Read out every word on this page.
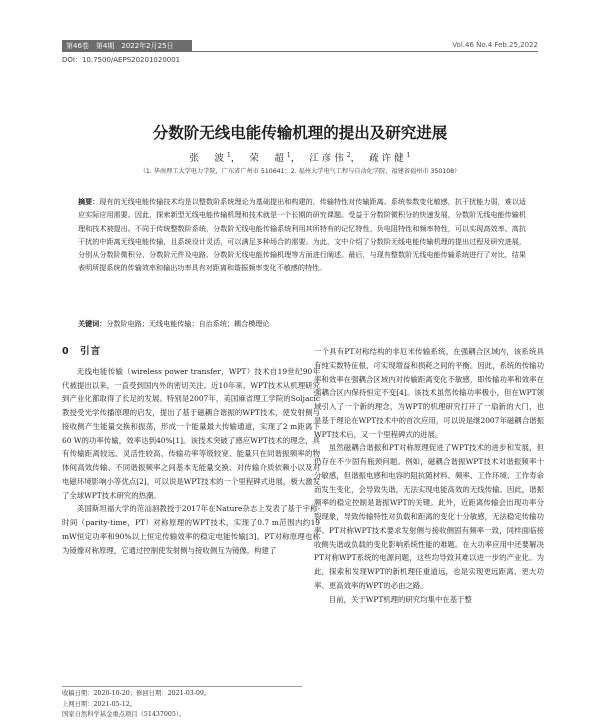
第46卷　第4期　2022年2月25日	Vol.46 No.4 Feb.25,2022
DOI：10.7500/AEPS20201020001
分数阶无线电能传输机理的提出及研究进展
张　波$^1$， 荣　超$^1$， 江彦伟$^2$， 疏许健$^1$
（1. 华南理工大学电力学院，广东省广州市 510641；2. 福州大学电气工程与自动化学院，福建省福州市 350108）
摘要：现有的无线电能传输技术均是以整数阶系统理论为基础提出和构建的，传输特性对传输距离、系统参数变化敏感，抗干扰能力弱，难以适应实际应用需要。因此，探索新型无线电能传输机理和技术就是一个长期的研究课题。受益于分数阶微积分的快速发展，分数阶无线电能传输机理和技术被提出。不同于传统整数阶系统，分数阶无线电能传输系统利用其所特有的记忆特性、负电阻特性和频率特性，可以实现高效率、高抗干扰的中距离无线电能传输，且系统设计灵活，可以满足多种场合的需要。为此，文中介绍了分数阶无线电能传输机理的提出过程及研究进展，分别从分数阶微积分、分数阶元件及电路、分数阶无线电能传输机理等方面进行阐述。最后，与现有整数阶无线电能传输系统进行了对比，结果表明所提系统的传输效率和输出功率具有对距离和谐振频率变化不敏感的特性。
关键词：分数阶电路；无线电能传输；自治系统；耦合模理论
0　引言

无线电能传输（wireless power transfer，WPT）技术自19世纪90年代被提出以来，一直受到国内外的密切关注。近10年来，WPT技术从机理研究到产业化都取得了长足的发展。特别是2007年，美国麻省理工学院的Soljacic教授受光学传播原理的启发，提出了基于磁耦合谐振的WPT技术，使发射侧与接收侧产生能量交换和振荡，形成一个能量最大传输通道，实现了2 m距离下60 W的功率传输，效率达到40%[1]。该技术突破了感应WPT技术的理念，具有传输距离较远、灵活性较高、传输功率等级较宽、能量只在同谐振频率的物体间高效传输、不同谐振频率之间基本无能量交换、对传输介质依赖小以及对电磁环境影响小等优点[2]，可以说是WPT技术的一个里程碑式进展，极大激发了全球WPT技术研究的热潮。

美国斯坦福大学的范汕洄教授于2017年在Nature杂志上发表了基于宇称-时间（parity-time，PT）对称原理的WPT技术，实现了0.7 m范围内约19 mW恒定功率和90%以上恒定传输效率的稳定电能传输[3]。PT对称原理也称为镜像对称原理，它通过控制使发射侧与接收侧互为镜像，构建了

一个具有PT对称结构的非厄米传输系统。在强耦合区域内，该系统具有纯实数特征根，可实现增益和损耗之间的平衡。因此，系统的传输功率和效率在强耦合区域内对传输距离变化不敏感，即传输功率和效率在强耦合区内保持恒定不变[4]。该技术虽然传输功率极小，但在WPT领域引入了一个新的理念，为WPT的机理研究打开了一扇新的大门，也是基于理论在WPT技术中的首次应用，可以说是继2007年磁耦合谐振WPT技术后，又一个里程碑式的进展。

虽然磁耦合谐振和PT对称原理促进了WPT技术的进步和发展，但仍存在不少固有瓶颈问题。例如，磁耦合谐振WPT技术对谐振频率十分敏感，但谐振电感和电容的阻抗随材料、频率、工作环境、工作寿命而发生变化，会导致失谐，无法实现电能高效的无线传输。因此，谐振频率的稳定控制是谐振WPT的关键。此外，近距离传输会出现功率分裂现象，导致传输特性对负载和距离的变化十分敏感，无法稳定传输功率。PT对称WPT技术要求发射侧与接收侧固有频率一致，同样面临接收侧失谐或负载的变化影响系统性能的难题。在大功率应用中还要解决PT对称WPT系统的电源问题，这些均导致其难以进一步的产业化。为此，探索和发现WPT的新机理任重道远，也是实现更远距离、更大功率、更高效率的WPT的必由之路。

目前，关于WPT机理的研究均集中在基于整

收稿日期：2020-10-20；修回日期：2021-03-09。
上网日期：2021-05-12。
国家自然科学基金重点项目（51437005）。
